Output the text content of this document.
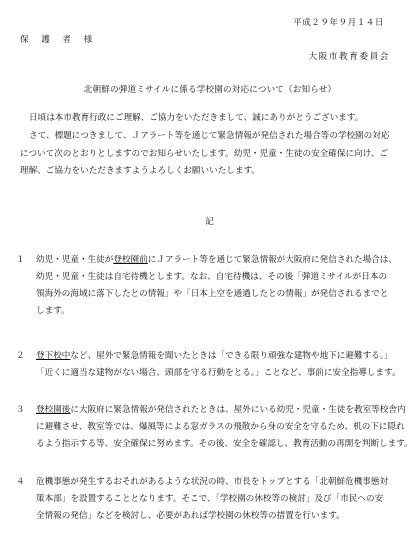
平成２９年９月１４日
保　護　者　様
大阪市教育委員会
北朝鮮の弾道ミサイルに係る学校園の対応について（お知らせ）

日頃は本市教育行政にご理解、ご協力をいただきまして、誠にありがとうございます。

さて、標題につきまして、Ｊアラート等を通じて緊急情報が発信された場合等の学校園の対応

について次のとおりとしますのでお知らせいたします。幼児・児童・生徒の安全確保に向け、ご

理解、ご協力をいただきますようよろしくお願いいたします。

記
１ 幼児・児童・生徒が登校園前にＪアラート等を通じて緊急情報が大阪府に発信された場合は、

幼児・児童・生徒は自宅待機とします。なお、自宅待機は、その後「弾道ミサイルが日本の

領海外の海域に落下したとの情報」や「日本上空を通過したとの情報」が発信されるまでと

します。

２ 登下校中など、屋外で緊急情報を聞いたときは「できる限り頑強な建物や地下に避難する。」

「近くに適当な建物がない場合、頭部を守る行動をとる。」ことなど、事前に安全指導します。

３ 登校園後に大阪府に緊急情報が発信されたときは、屋外にいる幼児・児童・生徒を教室等校舎内

に避難させ、教室等では、爆風等による窓ガラスの飛散から身の安全を守るため、机の下に隠れ

るよう指示する等、安全確保に努めます。その後、安全を確認し、教育活動の再開を判断します。

４ 危機事態が発生するおそれがあるような状況の時、市長をトップとする「北朝鮮危機事態対

策本部」を設置することとなります。そこで、「学校園の休校等の検討」及び「市民への安

全情報の発信」などを検討し、必要があれば学校園の休校等の措置を行います。
